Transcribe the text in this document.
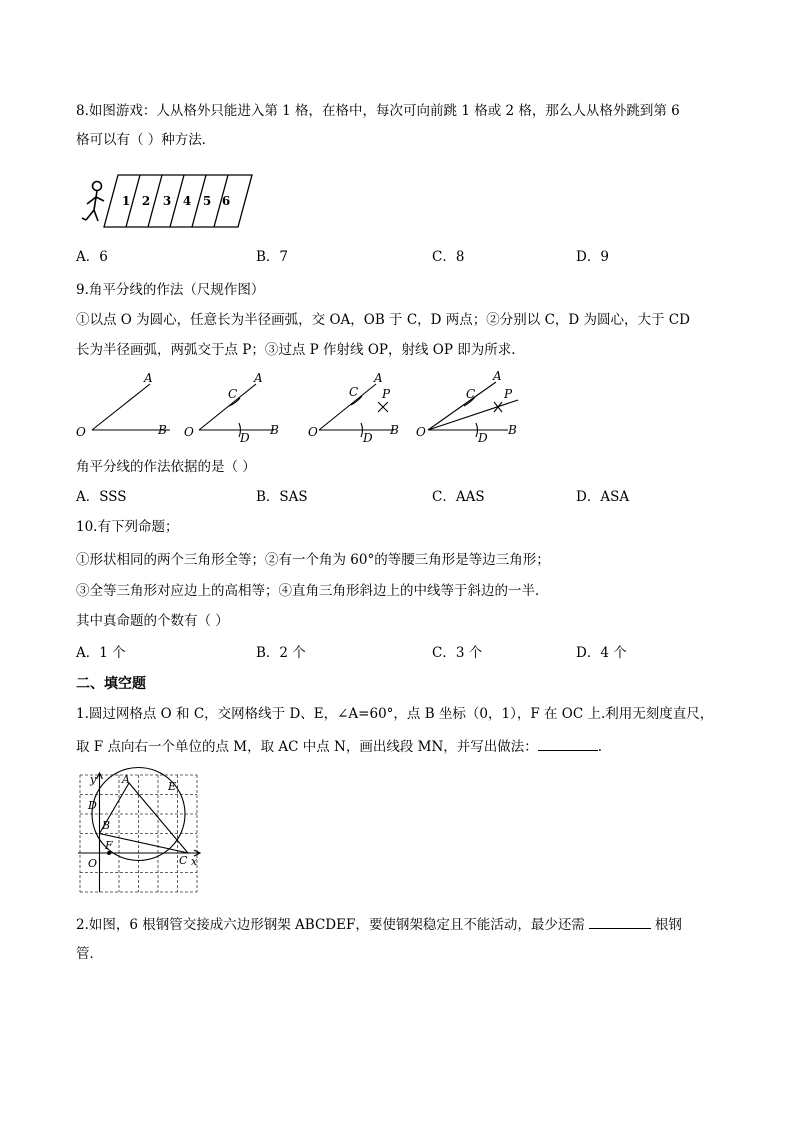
8.如图游戏：人从格外只能进入第 1 格，在格中，每次可向前跳 1 格或 2 格，那么人从格外跳到第 6
格可以有（ ）种方法．
1 2 3 4 5 6
A．6	B．7	C．8	D．9
9.角平分线的作法（尺规作图）
①以点 O 为圆心，任意长为半径画弧，交 OA，OB 于 C，D 两点；②分别以 C，D 为圆心，大于 CD
长为半径画弧，两弧交于点 P；③过点 P 作射线 OP，射线 OP 即为所求.
O
A
B O
A
C
D
B O
A
C P
D
B O
A
C P
D
B
角平分线的作法依据的是（ ）
A．SSS	B．SAS	C．AAS	D．ASA
10.有下列命题；
①形状相同的两个三角形全等；②有一个角为 60°的等腰三角形是等边三角形；
③全等三角形对应边上的高相等；④直角三角形斜边上的中线等于斜边的一半．
其中真命题的个数有（ ）
A．1 个	B．2 个	C．3 个	D．4 个
二、填空题
1.圆过网格点 O 和 C，交网格线于 D、E，∠A=60°，点 B 坐标（0，1），F 在 OC 上.利用无刻度直尺，
取 F 点向右一个单位的点 M，取 AC 中点 N，画出线段 MN，并写出做法：	.
y A
E
D
B
F
O	C x
2.如图，6 根钢管交接成六边形钢架 ABCDEF，要使钢架稳定且不能活动，最少还需	根钢
管．
